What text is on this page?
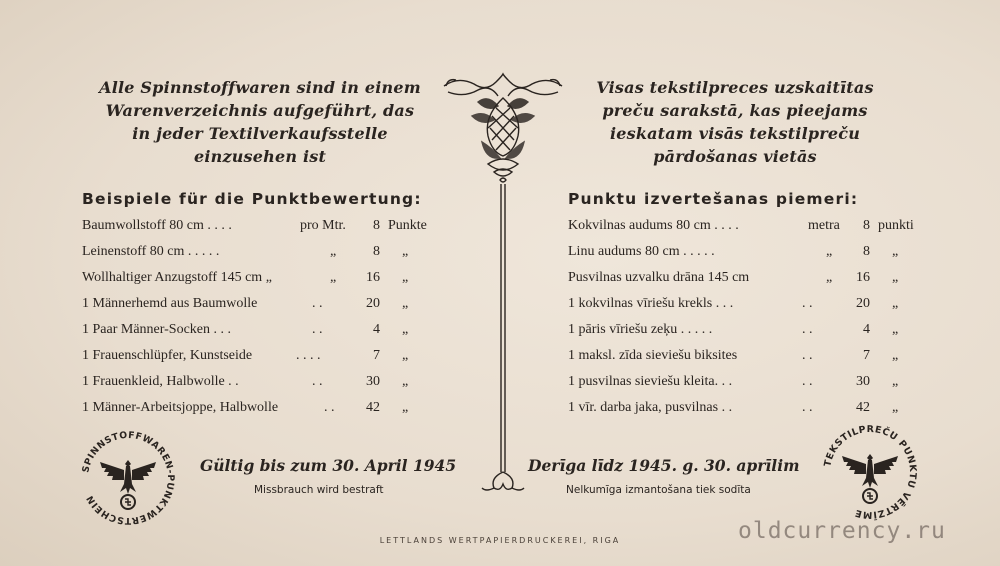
Alle Spinnstoffwaren sind in einem
Warenverzeichnis aufgeführt, das
in jeder Textilverkaufsstelle
einzusehen ist
Beispiele für die Punktbewertung:
Baumwollstoff 80 cm . . . .	pro Mtr.	8 Punkte
Leinenstoff 80 cm . . . . .	„	8 „
Wollhaltiger Anzugstoff 145 cm „	„	16 „
1 Männerhemd aus Baumwolle	. .	20 „
1 Paar Männer-Socken . . .	. .	4 „
1 Frauenschlüpfer, Kunstseide	. . . .	7 „
1 Frauenkleid, Halbwolle . .	. .	30 „
1 Männer-Arbeitsjoppe, Halbwolle	. .	42 „
Gültig bis zum 30. April 1945
Missbrauch wird bestraft
Visas tekstilpreces uzskaitītas
preču sarakstā, kas pieejams
ieskatam visās tekstilpreču
pārdošanas vietās
Punktu izvertešanas piemeri:
Kokvilnas audums 80 cm . . . .	metra	8 punkti
Linu audums 80 cm . . . . .	„	8 „
Pusvilnas uzvalku drāna 145 cm	„	16 „
1 kokvilnas vīriešu krekls . . .	. .	20 „
1 pāris vīriešu zeķu . . . . .	. .	4 „
1 maksl. zīda sieviešu biksites	. .	7 „
1 pusvilnas sieviešu kleita. . .	. .	30 „
1 vīr. darba jaka, pusvilnas . .	. .	42 „
Derīga līdz 1945. g. 30. aprīlim
Nelkumīga izmantošana tiek sodīta
SPINNSTOFFWAREN-PUNKTWERTSCHEIN
TEKSTILPREČU PUNKTU VĒRTZĪME
LETTLANDS WERTPAPIERDRUCKEREI, RIGA	oldcurrency.ru
